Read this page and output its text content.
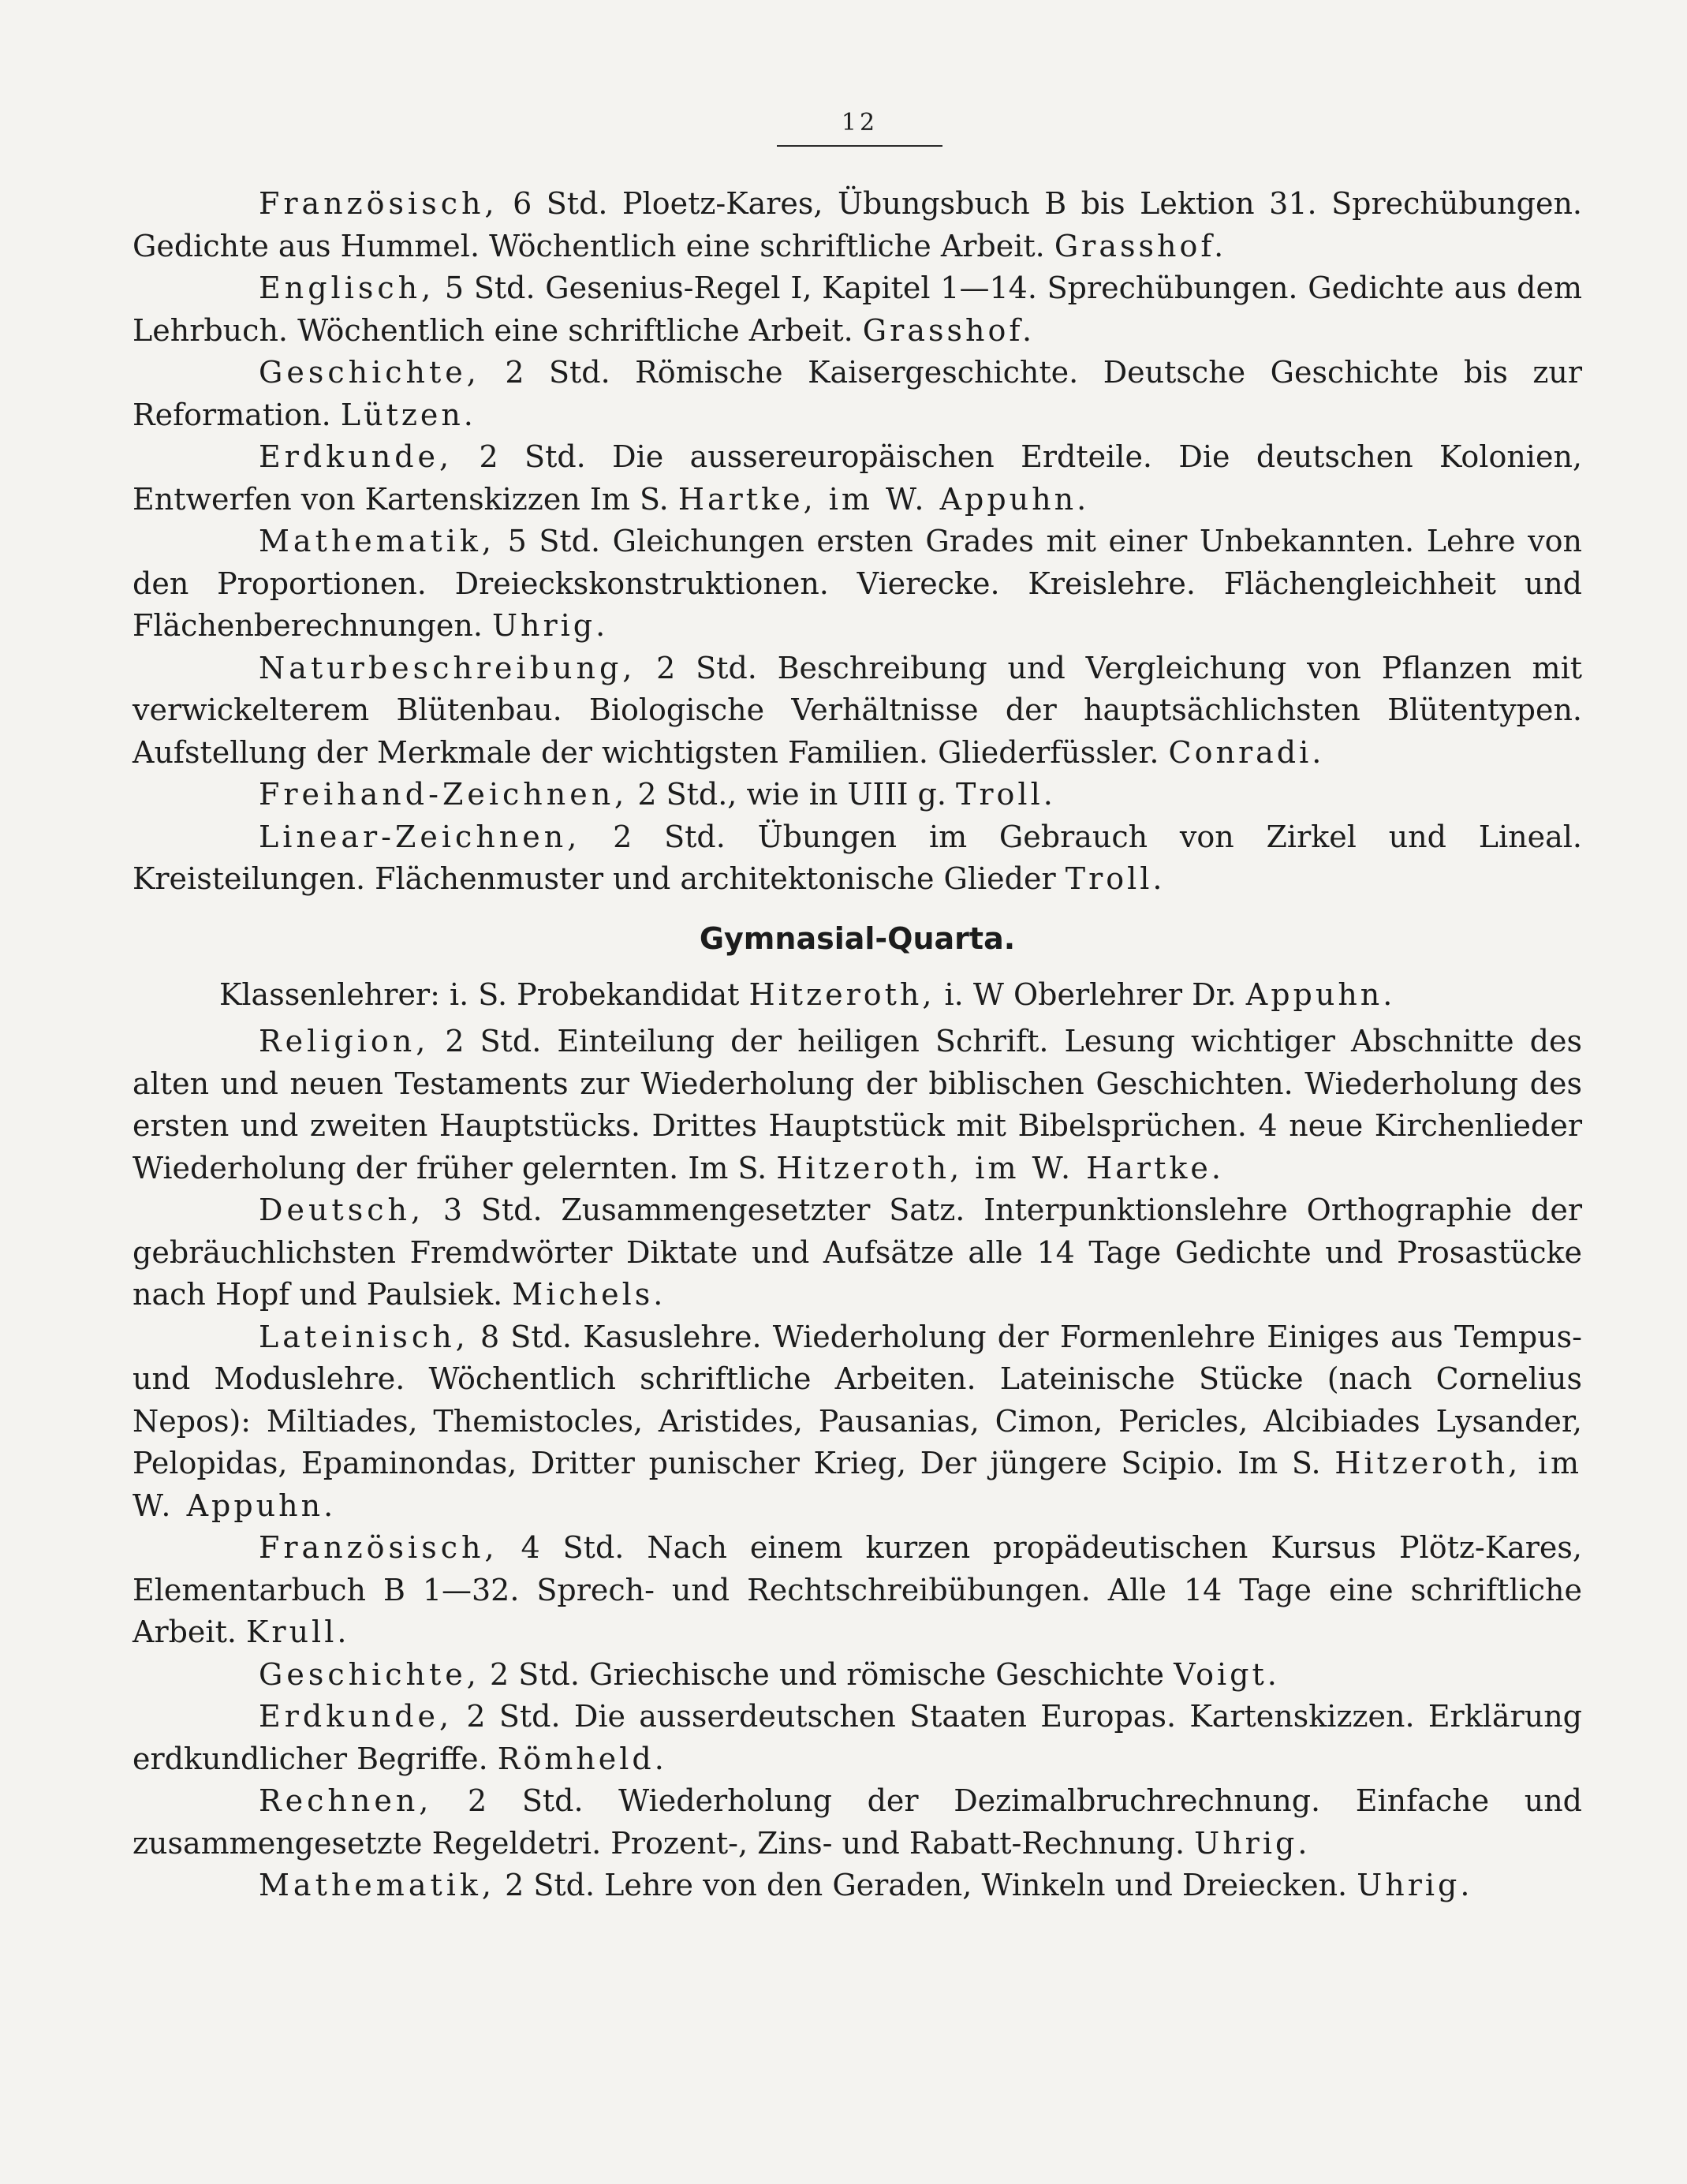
12

Französisch, 6 Std. Ploetz-Kares, Übungsbuch B bis Lektion 31. Sprechübungen. Gedichte aus Hummel. Wöchentlich eine schriftliche Arbeit. Grasshof.

Englisch, 5 Std. Gesenius-Regel I, Kapitel 1—14. Sprechübungen. Gedichte aus dem Lehrbuch. Wöchentlich eine schriftliche Arbeit. Grasshof.

Geschichte, 2 Std. Römische Kaisergeschichte. Deutsche Geschichte bis zur Reformation. Lützen.

Erdkunde, 2 Std. Die aussereuropäischen Erdteile. Die deutschen Kolonien, Entwerfen von Kartenskizzen Im S. Hartke, im W. Appuhn.

Mathematik, 5 Std. Gleichungen ersten Grades mit einer Unbekannten. Lehre von den Proportionen. Dreieckskonstruktionen. Vierecke. Kreislehre. Flächengleichheit und Flächenberechnungen. Uhrig.

Naturbeschreibung, 2 Std. Beschreibung und Vergleichung von Pflanzen mit verwickelterem Blütenbau. Biologische Verhältnisse der hauptsächlichsten Blütentypen. Aufstellung der Merkmale der wichtigsten Familien. Gliederfüssler. Conradi.

Freihand-Zeichnen, 2 Std., wie in UIII g. Troll.

Linear-Zeichnen, 2 Std. Übungen im Gebrauch von Zirkel und Lineal. Kreisteilungen. Flächenmuster und architektonische Glieder Troll.

Gymnasial-Quarta.

Klassenlehrer: i. S. Probekandidat Hitzeroth, i. W Oberlehrer Dr. Appuhn.

Religion, 2 Std. Einteilung der heiligen Schrift. Lesung wichtiger Abschnitte des alten und neuen Testaments zur Wiederholung der biblischen Geschichten. Wiederholung des ersten und zweiten Hauptstücks. Drittes Hauptstück mit Bibelsprüchen. 4 neue Kirchenlieder Wiederholung der früher gelernten. Im S. Hitzeroth, im W. Hartke.

Deutsch, 3 Std. Zusammengesetzter Satz. Interpunktionslehre Orthographie der gebräuchlichsten Fremdwörter Diktate und Aufsätze alle 14 Tage Gedichte und Prosastücke nach Hopf und Paulsiek. Michels.

Lateinisch, 8 Std. Kasuslehre. Wiederholung der Formenlehre Einiges aus Tempus- und Moduslehre. Wöchentlich schriftliche Arbeiten. Lateinische Stücke (nach Cornelius Nepos): Miltiades, Themistocles, Aristides, Pausanias, Cimon, Pericles, Alcibiades Lysander, Pelopidas, Epaminondas, Dritter punischer Krieg, Der jüngere Scipio. Im S. Hitzeroth, im W. Appuhn.

Französisch, 4 Std. Nach einem kurzen propädeutischen Kursus Plötz-Kares, Elementarbuch B 1—32. Sprech- und Rechtschreibübungen. Alle 14 Tage eine schriftliche Arbeit. Krull.

Geschichte, 2 Std. Griechische und römische Geschichte Voigt.

Erdkunde, 2 Std. Die ausserdeutschen Staaten Europas. Kartenskizzen. Erklärung erdkundlicher Begriffe. Römheld.

Rechnen, 2 Std. Wiederholung der Dezimalbruchrechnung. Einfache und zusammengesetzte Regeldetri. Prozent-, Zins- und Rabatt-Rechnung. Uhrig.

Mathematik, 2 Std. Lehre von den Geraden, Winkeln und Dreiecken. Uhrig.
